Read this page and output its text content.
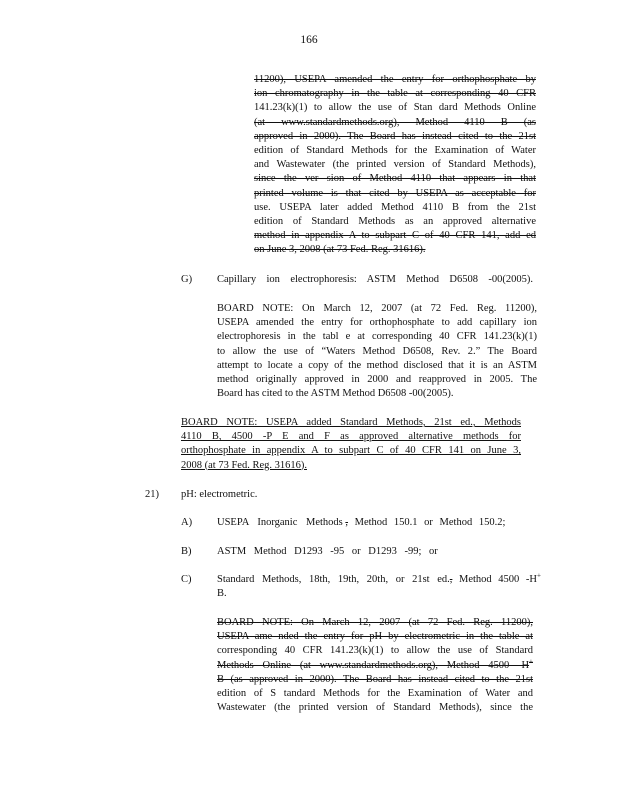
166
11200), USEPA amended the entry for orthophosphate by
ion chromatography in the table at corresponding 40 CFR
141.23(k)(1) to allow the use of Stan dard Methods Online
(at www.standardmethods.org), Method 4110 B (as
approved in 2000). The Board has instead cited to the 21st
edition of Standard Methods for the Examination of Water
and Wastewater (the printed version of Standard Methods),
since the ver sion of Method 4110 that appears in that
printed volume is that cited by USEPA as acceptable for
use. USEPA later added Method 4110 B from the 21st
edition of Standard Methods as an approved alternative
method in appendix A to subpart C of 40 CFR 141, add ed
on June 3, 2008 (at 73 Fed. Reg. 31616).
G) Capillary ion electrophoresis: ASTM Method D6508 -00(2005).
BOARD NOTE: On March 12, 2007 (at 72 Fed. Reg. 11200),
USEPA amended the entry for orthophosphate to add capillary ion
electrophoresis in the tabl e at corresponding 40 CFR 141.23(k)(1)
to allow the use of “Waters Method D6508, Rev. 2.” The Board
attempt to locate a copy of the method disclosed that it is an ASTM
method originally approved in 2000 and reapproved in 2005. The
Board has cited to the ASTM Method D6508 -00(2005).
BOARD NOTE: USEPA added Standard Methods, 21st ed., Methods
4110 B, 4500 -P E and F as approved alternative methods for
orthophosphate in appendix A to subpart C of 40 CFR 141 on June 3,
2008 (at 73 Fed. Reg. 31616).
21) pH: electrometric.
A) USEPA Inorganic Methods , Method 150.1 or Method 150.2;
B) ASTM Method D1293 -95 or D1293 -99; or
C) Standard Methods, 18th, 19th, 20th, or 21st ed., Method 4500 -H+
B.
BOARD NOTE: On March 12, 2007 (at 72 Fed. Reg. 11200),
USEPA ame nded the entry for pH by electrometric in the table at
corresponding 40 CFR 141.23(k)(1) to allow the use of Standard
Methods Online (at www.standardmethods.org), Method 4500 -H+
B (as approved in 2000). The Board has instead cited to the 21st
edition of S tandard Methods for the Examination of Water and
Wastewater (the printed version of Standard Methods), since the
